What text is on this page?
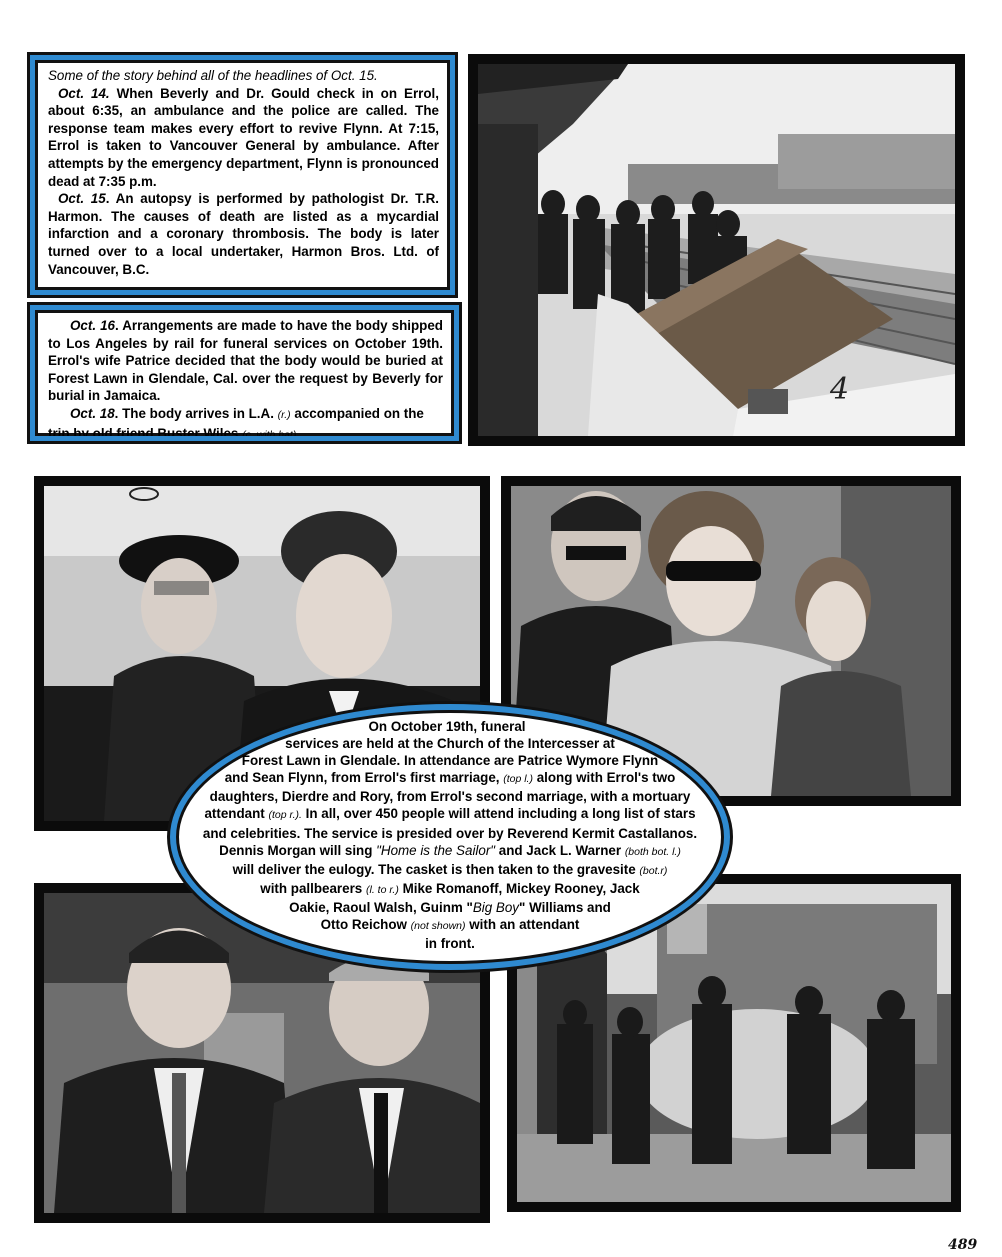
Some of the story behind all of the headlines of Oct. 15.

Oct. 14. When Beverly and Dr. Gould check in on Errol, about 6:35, an ambulance and the police are called. The response team makes every effort to revive Flynn. At 7:15, Errol is taken to Vancouver General by ambulance. After attempts by the emergency department, Flynn is pronounced dead at 7:35 p.m.

Oct. 15. An autopsy is performed by pathologist Dr. T.R. Harmon. The causes of death are listed as a mycardial infarction and a coronary thrombosis. The body is later turned over to a local undertaker, Harmon Bros. Ltd. of Vancouver, B.C.

Oct. 16. Arrangements are made to have the body shipped to Los Angeles by rail for funeral services on October 19th. Errol's wife Patrice decided that the body would be buried at Forest Lawn in Glendale, Cal. over the request by Beverly for burial in Jamaica.

Oct. 18. The body arrives in L.A. (r.) accompanied on the trip by old friend Buster Wiles (c. with hat).

4
On October 19th, funeral
services are held at the Church of the Intercesser at
Forest Lawn in Glendale. In attendance are Patrice Wymore Flynn
and Sean Flynn, from Errol's first marriage, (top l.) along with Errol's two
daughters, Dierdre and Rory, from Errol's second marriage, with a mortuary
attendant (top r.). In all, over 450 people will attend including a long list of stars
and celebrities. The service is presided over by Reverend Kermit Castallanos.
Dennis Morgan will sing "Home is the Sailor" and Jack L. Warner (both bot. l.)
will deliver the eulogy. The casket is then taken to the gravesite (bot.r)
with pallbearers (l. to r.) Mike Romanoff, Mickey Rooney, Jack
Oakie, Raoul Walsh, Guinm "Big Boy" Williams and
Otto Reichow (not shown) with an attendant
in front.
489
